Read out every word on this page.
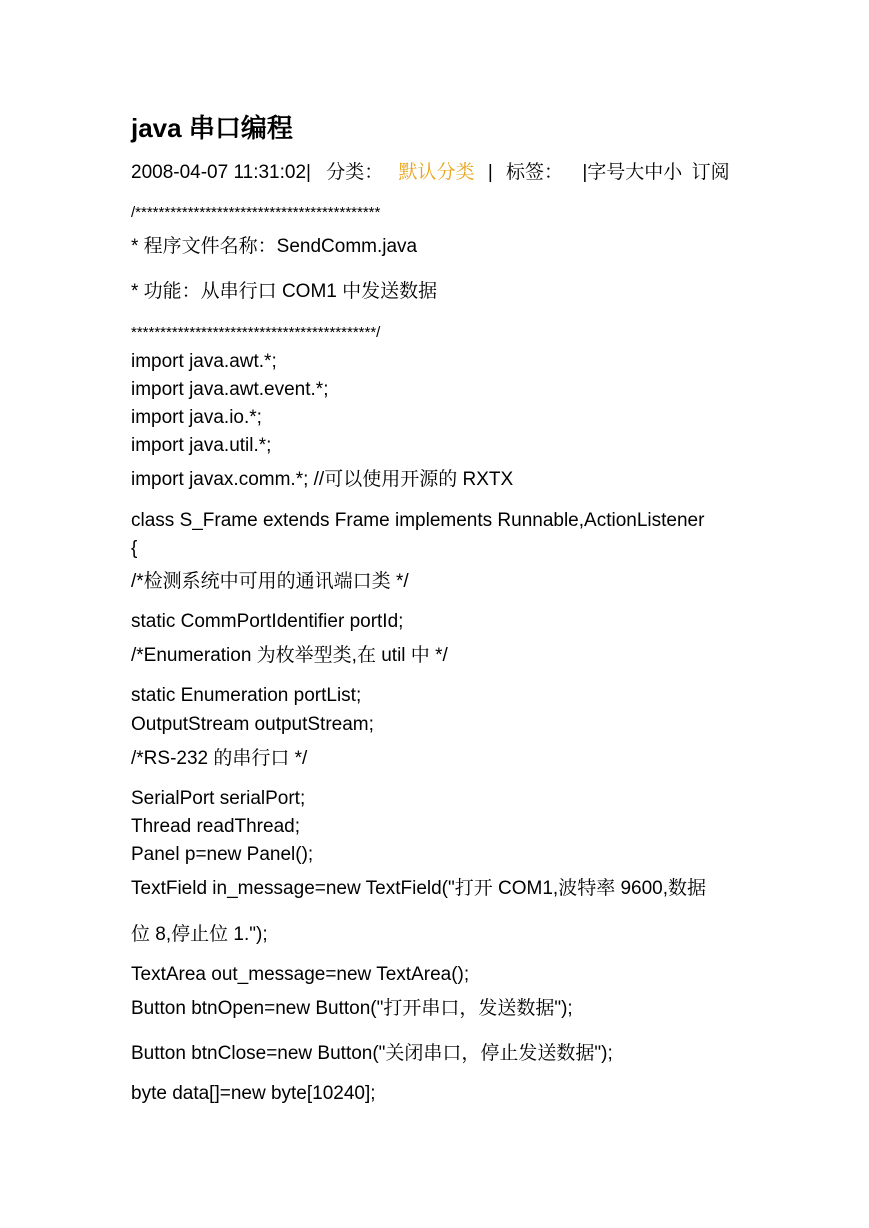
java 串口编程
2008-04-07 11:31:02| 分类： 默认分类 | 标签： |字号大中小 订阅
/******************************************
* 程序文件名称：SendComm.java
* 功能：从串行口 COM1 中发送数据
******************************************/
import java.awt.*;
import java.awt.event.*;
import java.io.*;
import java.util.*;
import javax.comm.*; //可以使用开源的 RXTX
class S_Frame extends Frame implements Runnable,ActionListener
{
/*检测系统中可用的通讯端口类 */
static CommPortIdentifier portId;
/*Enumeration 为枚举型类,在 util 中 */
static Enumeration portList;
OutputStream outputStream;
/*RS-232 的串行口 */
SerialPort serialPort;
Thread readThread;
Panel p=new Panel();
TextField in_message=new TextField("打开 COM1,波特率 9600,数据
位 8,停止位 1.");
TextArea out_message=new TextArea();
Button btnOpen=new Button("打开串口，发送数据");
Button btnClose=new Button("关闭串口，停止发送数据");
byte data[]=new byte[10240];
